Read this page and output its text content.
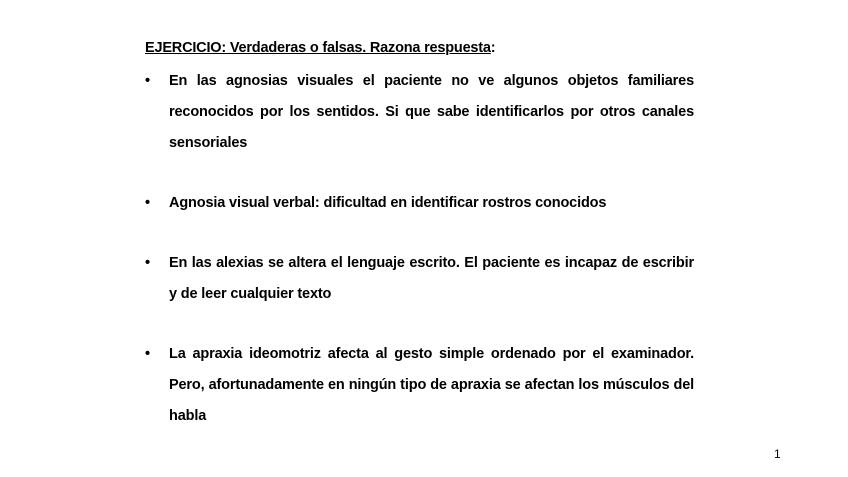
EJERCICIO: Verdaderas o falsas. Razona respuesta:
• En las agnosias visuales el paciente no ve algunos objetos familiares reconocidos por los sentidos. Si que sabe identificarlos por otros canales sensoriales
• Agnosia visual verbal: dificultad en identificar rostros conocidos
• En las alexias se altera el lenguaje escrito. El paciente es incapaz de escribir y de leer cualquier texto
• La apraxia ideomotriz afecta al gesto simple ordenado por el examinador. Pero, afortunadamente en ningún tipo de apraxia se afectan los músculos del habla
1
